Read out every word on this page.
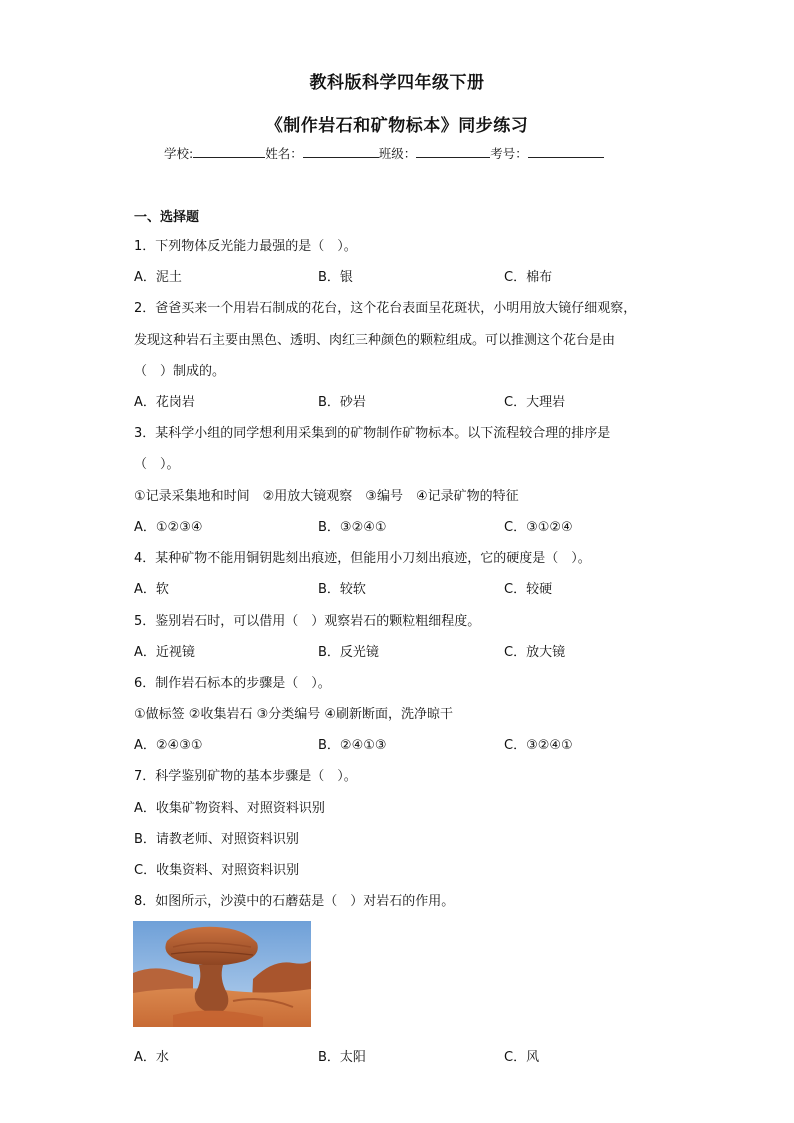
教科版科学四年级下册
《制作岩石和矿物标本》同步练习
学校:	姓名：	班级：	考号：
一、选择题
1．下列物体反光能力最强的是（　）。
A．泥土	B．银	C．棉布
2．爸爸买来一个用岩石制成的花台，这个花台表面呈花斑状，小明用放大镜仔细观察，
发现这种岩石主要由黑色、透明、肉红三种颜色的颗粒组成。可以推测这个花台是由
（　）制成的。
A．花岗岩	B．砂岩	C．大理岩
3．某科学小组的同学想利用采集到的矿物制作矿物标本。以下流程较合理的排序是
（　）。
①记录采集地和时间　②用放大镜观察　③编号　④记录矿物的特征
A．①②③④	B．③②④①	C．③①②④
4．某种矿物不能用铜钥匙刻出痕迹，但能用小刀刻出痕迹，它的硬度是（　）。
A．软	B．较软	C．较硬
5．鉴别岩石时，可以借用（　）观察岩石的颗粒粗细程度。
A．近视镜	B．反光镜	C．放大镜
6．制作岩石标本的步骤是（　）。
①做标签 ②收集岩石 ③分类编号 ④刷新断面，洗净晾干
A．②④③①	B．②④①③	C．③②④①
7．科学鉴别矿物的基本步骤是（　）。
A．收集矿物资料、对照资料识别
B．请教老师、对照资料识别
C．收集资料、对照资料识别
8．如图所示，沙漠中的石蘑菇是（　）对岩石的作用。
A．水	B．太阳	C．风
